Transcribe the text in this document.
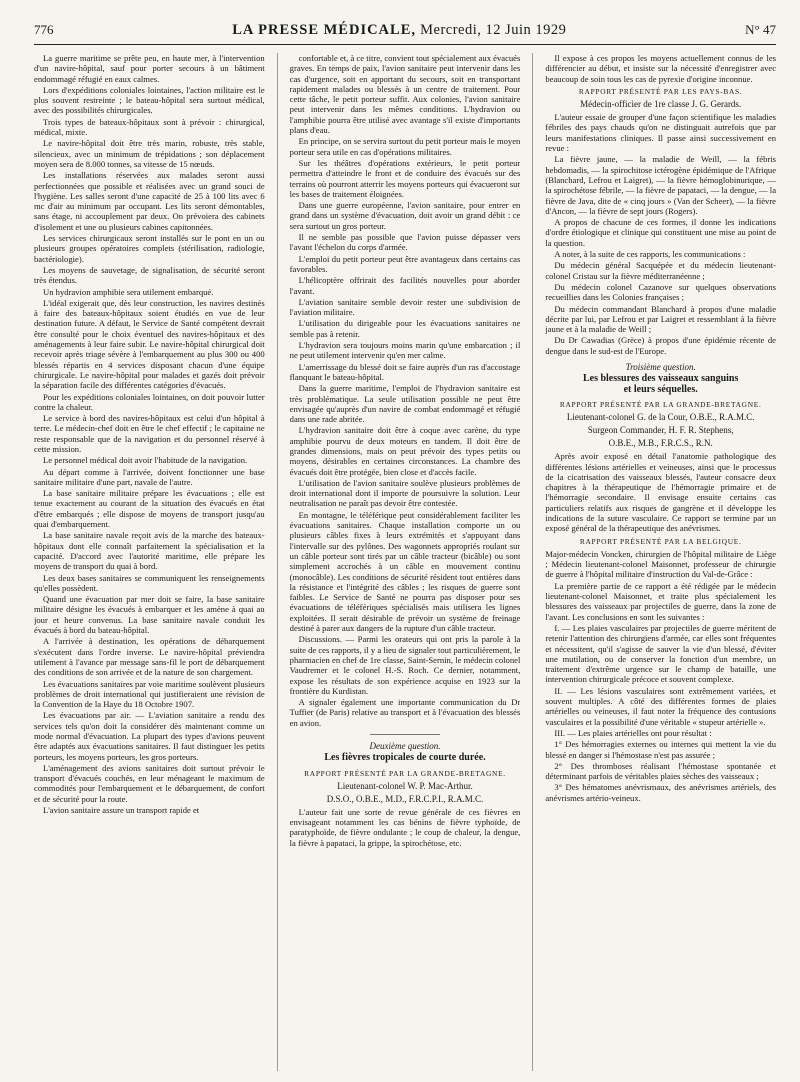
776	LA PRESSE MÉDICALE, Mercredi, 12 Juin 1929	N° 47

La guerre maritime se prête peu, en haute mer, à l'intervention d'un navire-hôpital, sauf pour porter secours à un bâtiment endommagé réfugié en eaux calmes.

Lors d'expéditions coloniales lointaines, l'action militaire est le plus souvent restreinte ; le bateau-hôpital sera surtout médical, avec des possibilités chirurgicales.

Trois types de bateaux-hôpitaux sont à prévoir : chirurgical, médical, mixte.

Le navire-hôpital doit être très marin, robuste, très stable, silencieux, avec un minimum de trépidations ; son déplacement moyen sera de 8.000 tonnes, sa vitesse de 15 nœuds.

Les installations réservées aux malades seront aussi perfectionnées que possible et réalisées avec un grand souci de l'hygiène. Les salles seront d'une capacité de 25 à 100 lits avec 6 mc d'air au minimum par occupant. Les lits seront démontables, sans étage, ni accouplement par deux. On prévoiera des cabinets d'isolement et une ou plusieurs cabines capitonnées.

Les services chirurgicaux seront installés sur le pont en un ou plusieurs groupes opératoires complets (stérilisation, radiologie, bactériologie).

Les moyens de sauvetage, de signalisation, de sécurité seront très étendus.

Un hydravion amphibie sera utilement embarqué.

L'idéal exigerait que, dès leur construction, les navires destinés à faire des bateaux-hôpitaux soient étudiés en vue de leur destination future. A défaut, le Service de Santé compétent devrait être consulté pour le choix éventuel des navires-hôpitaux et des aménagements à leur faire subir. Le navire-hôpital chirurgical doit recevoir après triage sévère à l'embarquement au plus 300 ou 400 blessés répartis en 4 services disposant chacun d'une équipe chirurgicale. Le navire-hôpital pour malades et gazés doit prévoir la séparation facile des différentes catégories d'évacués.

Pour les expéditions coloniales lointaines, on doit pouvoir lutter contre la chaleur.

Le service à bord des navires-hôpitaux est celui d'un hôpital à terre. Le médecin-chef doit en être le chef effectif ; le capitaine ne reste responsable que de la navigation et du personnel réservé à cette mission.

Le personnel médical doit avoir l'habitude de la navigation.

Au départ comme à l'arrivée, doivent fonctionner une base sanitaire militaire d'une part, navale de l'autre.

La base sanitaire militaire prépare les évacuations ; elle est tenue exactement au courant de la situation des évacués en état d'être embarqués ; elle dispose de moyens de transport jusqu'au quai d'embarquement.

La base sanitaire navale reçoit avis de la marche des bateaux-hôpitaux dont elle connaît parfaitement la spécialisation et la capacité. D'accord avec l'autorité maritime, elle prépare les moyens de transport du quai à bord.

Les deux bases sanitaires se communiquent les renseignements qu'elles possèdent.

Quand une évacuation par mer doit se faire, la base sanitaire militaire désigne les évacués à embarquer et les amène à quai au jour et heure convenus. La base sanitaire navale conduit les évacués à bord du bateau-hôpital.

A l'arrivée à destination, les opérations de débarquement s'exécutent dans l'ordre inverse. Le navire-hôpital préviendra utilement à l'avance par message sans-fil le port de débarquement des conditions de son arrivée et de la nature de son chargement.

Les évacuations sanitaires par voie maritime soulèvent plusieurs problèmes de droit international qui justifieraient une révision de la Convention de la Haye du 18 Octobre 1907.

Les évacuations par air. — L'aviation sanitaire a rendu des services tels qu'on doit la considérer dès maintenant comme un mode normal d'évacuation. La plupart des types d'avions peuvent être adaptés aux évacuations sanitaires. Il faut distinguer les petits porteurs, les moyens porteurs, les gros porteurs.

L'aménagement des avions sanitaires doit surtout prévoir le transport d'évacués couchés, en leur ménageant le maximum de commodités pour l'embarquement et le débarquement, de confort et de sécurité pour la route.

L'avion sanitaire assure un transport rapide et

confortable et, à ce titre, convient tout spécialement aux évacués graves. En temps de paix, l'avion sanitaire peut intervenir dans les cas d'urgence, soit en apportant du secours, soit en transportant rapidement malades ou blessés à un centre de traitement. Pour cette tâche, le petit porteur suffit. Aux colonies, l'avion sanitaire peut intervenir dans les mêmes conditions. L'hydravion ou l'amphibie pourra être utilisé avec avantage s'il existe d'importants plans d'eau.

En principe, on se servira surtout du petit porteur mais le moyen porteur sera utile en cas d'opérations militaires.

Sur les théâtres d'opérations extérieurs, le petit porteur permettra d'atteindre le front et de conduire des évacués sur des terrains où pourront atterrir les moyens porteurs qui évacueront sur les bases de traitement éloignées.

Dans une guerre européenne, l'avion sanitaire, pour entrer en grand dans un système d'évacuation, doit avoir un grand débit : ce sera surtout un gros porteur.

Il ne semble pas possible que l'avion puisse dépasser vers l'avant l'échelon du corps d'armée.

L'emploi du petit porteur peut être avantageux dans certains cas favorables.

L'hélicoptère offrirait des facilités nouvelles pour aborder l'avant.

L'aviation sanitaire semble devoir rester une subdivision de l'aviation militaire.

L'utilisation du dirigeable pour les évacuations sanitaires ne semble pas à retenir.

L'hydravion sera toujours moins marin qu'une embarcation ; il ne peut utilement intervenir qu'en mer calme.

L'amerrissage du blessé doit se faire auprès d'un ras d'accostage flanquant le bateau-hôpital.

Dans la guerre maritime, l'emploi de l'hydravion sanitaire est très problématique. La seule utilisation possible ne peut être envisagée qu'auprès d'un navire de combat endommagé et réfugié dans une rade abritée.

L'hydravion sanitaire doit être à coque avec carène, du type amphibie pourvu de deux moteurs en tandem. Il doit être de grandes dimensions, mais on peut prévoir des types petits ou moyens, désirables en certaines circonstances. La chambre des évacués doit être protégée, bien close et d'accès facile.

L'utilisation de l'avion sanitaire soulève plusieurs problèmes de droit international dont il importe de poursuivre la solution. Leur neutralisation ne paraît pas devoir être contestée.

En montagne, le téléférique peut considérablement faciliter les évacuations sanitaires. Chaque installation comporte un ou plusieurs câbles fixes à leurs extrémités et s'appuyant dans l'intervalle sur des pylônes. Des wagonnets appropriés roulant sur un câble porteur sont tirés par un câble tracteur (bicâble) ou sont simplement accrochés à un câble en mouvement continu (monocâble). Les conditions de sécurité résident tout entières dans la résistance et l'intégrité des câbles ; les risques de guerre sont faibles. Le Service de Santé ne pourra pas disposer pour ses évacuations de téléfériques spécialisés mais utilisera les lignes exploitées. Il serait désirable de prévoir un système de freinage destiné à parer aux dangers de la rupture d'un câble tracteur.

Discussions. — Parmi les orateurs qui ont pris la parole à la suite de ces rapports, il y a lieu de signaler tout particulièrement, le pharmacien en chef de 1re classe, Saint-Sernin, le médecin colonel Vaudremer et le colonel H.-S. Roch. Ce dernier, notamment, expose les résultats de son expérience acquise en 1923 sur la frontière du Kurdistan.

A signaler également une importante communication du Dr Tuffier (de Paris) relative au transport et à l'évacuation des blessés en avion.

Deuxième question.
Les fièvres tropicales de courte durée.
RAPPORT PRÉSENTÉ PAR LA GRANDE-BRETAGNE.
Lieutenant-colonel W. P. Mac-Arthur.
D.S.O., O.B.E., M.D., F.R.C.P.I., R.A.M.C.

L'auteur fait une sorte de revue générale de ces fièvres en envisageant notamment les cas bénins de fièvre typhoïde, de paratyphoïde, de fièvre ondulante ; le coup de chaleur, la dengue, la fièvre à papataci, la grippe, la spirochétose, etc.

Il expose à ces propos les moyens actuellement connus de les différencier au début, et insiste sur la nécessité d'enregistrer avec beaucoup de soin tous les cas de pyrexie d'origine inconnue.

RAPPORT PRÉSENTÉ PAR LES PAYS-BAS.
Médecin-officier de 1re classe J. G. Gerards.

L'auteur essaie de grouper d'une façon scientifique les maladies fébriles des pays chauds qu'on ne distinguait autrefois que par leurs manifestations cliniques. Il passe ainsi successivement en revue :

La fièvre jaune, — la maladie de Weill, — la fébris hebdomadis, — la spirochitose ictérogène épidémique de l'Afrique (Blanchard, Lefrou et Laigret), — la fièvre hémoglobinurique, — la spirochétose fébrile, — la fièvre de papataci, — la dengue, — la fièvre de Java, dite de « cinq jours » (Van der Scheer), — la fièvre d'Ancon, — la fièvre de sept jours (Rogers).

A propos de chacune de ces formes, il donne les indications d'ordre étiologique et clinique qui constituent une mise au point de la question.

A noter, à la suite de ces rapports, les communications :

Du médecin général Sacquépée et du médecin lieutenant-colonel Cristau sur la fièvre méditerranéenne ;

Du médecin colonel Cazanove sur quelques observations recueillies dans les Colonies françaises ;

Du médecin commandant Blanchard à propos d'une maladie décrite par lui, par Lefrou et par Laigret et ressemblant à la fièvre jaune et à la maladie de Weill ;

Du Dr Cawadias (Grèce) à propos d'une épidémie récente de dengue dans le sud-est de l'Europe.

Troisième question.
Les blessures des vaisseaux sanguins
et leurs séquelles.
RAPPORT PRÉSENTÉ PAR LA GRANDE-BRETAGNE.
Lieutenant-colonel G. de la Cour, O.B.E., R.A.M.C.
Surgeon Commander, H. F. R. Stephens,
O.B.E., M.B., F.R.C.S., R.N.

Après avoir exposé en détail l'anatomie pathologique des différentes lésions artérielles et veineuses, ainsi que le processus de la cicatrisation des vaisseaux blessés, l'auteur consacre deux chapitres à la thérapeutique de l'hémorragie primaire et de l'hémorragie secondaire. Il envisage ensuite certains cas particuliers relatifs aux risques de gangrène et il développe les indications de la suture vasculaire. Ce rapport se termine par un exposé général de la thérapeutique des anévrismes.

RAPPORT PRÉSENTÉ PAR LA BELGIQUE.

Major-médecin Voncken, chirurgien de l'hôpital militaire de Liège ; Médecin lieutenant-colonel Maisonnet, professeur de chirurgie de guerre à l'hôpital militaire d'instruction du Val-de-Grâce :

La première partie de ce rapport a été rédigée par le médecin lieutenant-colonel Maisonnet, et traite plus spécialement les blessures des vaisseaux par projectiles de guerre, dans la zone de l'avant. Les conclusions en sont les suivantes :

I. — Les plaies vasculaires par projectiles de guerre méritent de retenir l'attention des chirurgiens d'armée, car elles sont fréquentes et nécessitent, qu'il s'agisse de sauver la vie d'un blessé, d'éviter une mutilation, ou de conserver la fonction d'un membre, un traitement d'extrême urgence sur le champ de bataille, une intervention chirurgicale précoce et souvent complexe.

II. — Les lésions vasculaires sont extrêmement variées, et souvent multiples. A côté des différentes formes de plaies artérielles ou veineuses, il faut noter la fréquence des contusions vasculaires et la possibilité d'une véritable « stupeur artérielle ».

III. — Les plaies artérielles ont pour résultat :

1° Des hémorragies externes ou internes qui mettent la vie du blessé en danger si l'hémostase n'est pas assurée ;

2° Des thromboses réalisant l'hémostase spontanée et déterminant parfois de véritables plaies sèches des vaisseaux ;

3° Des hématomes anévrismaux, des anévrismes artériels, des anévrismes artério-veineux.
